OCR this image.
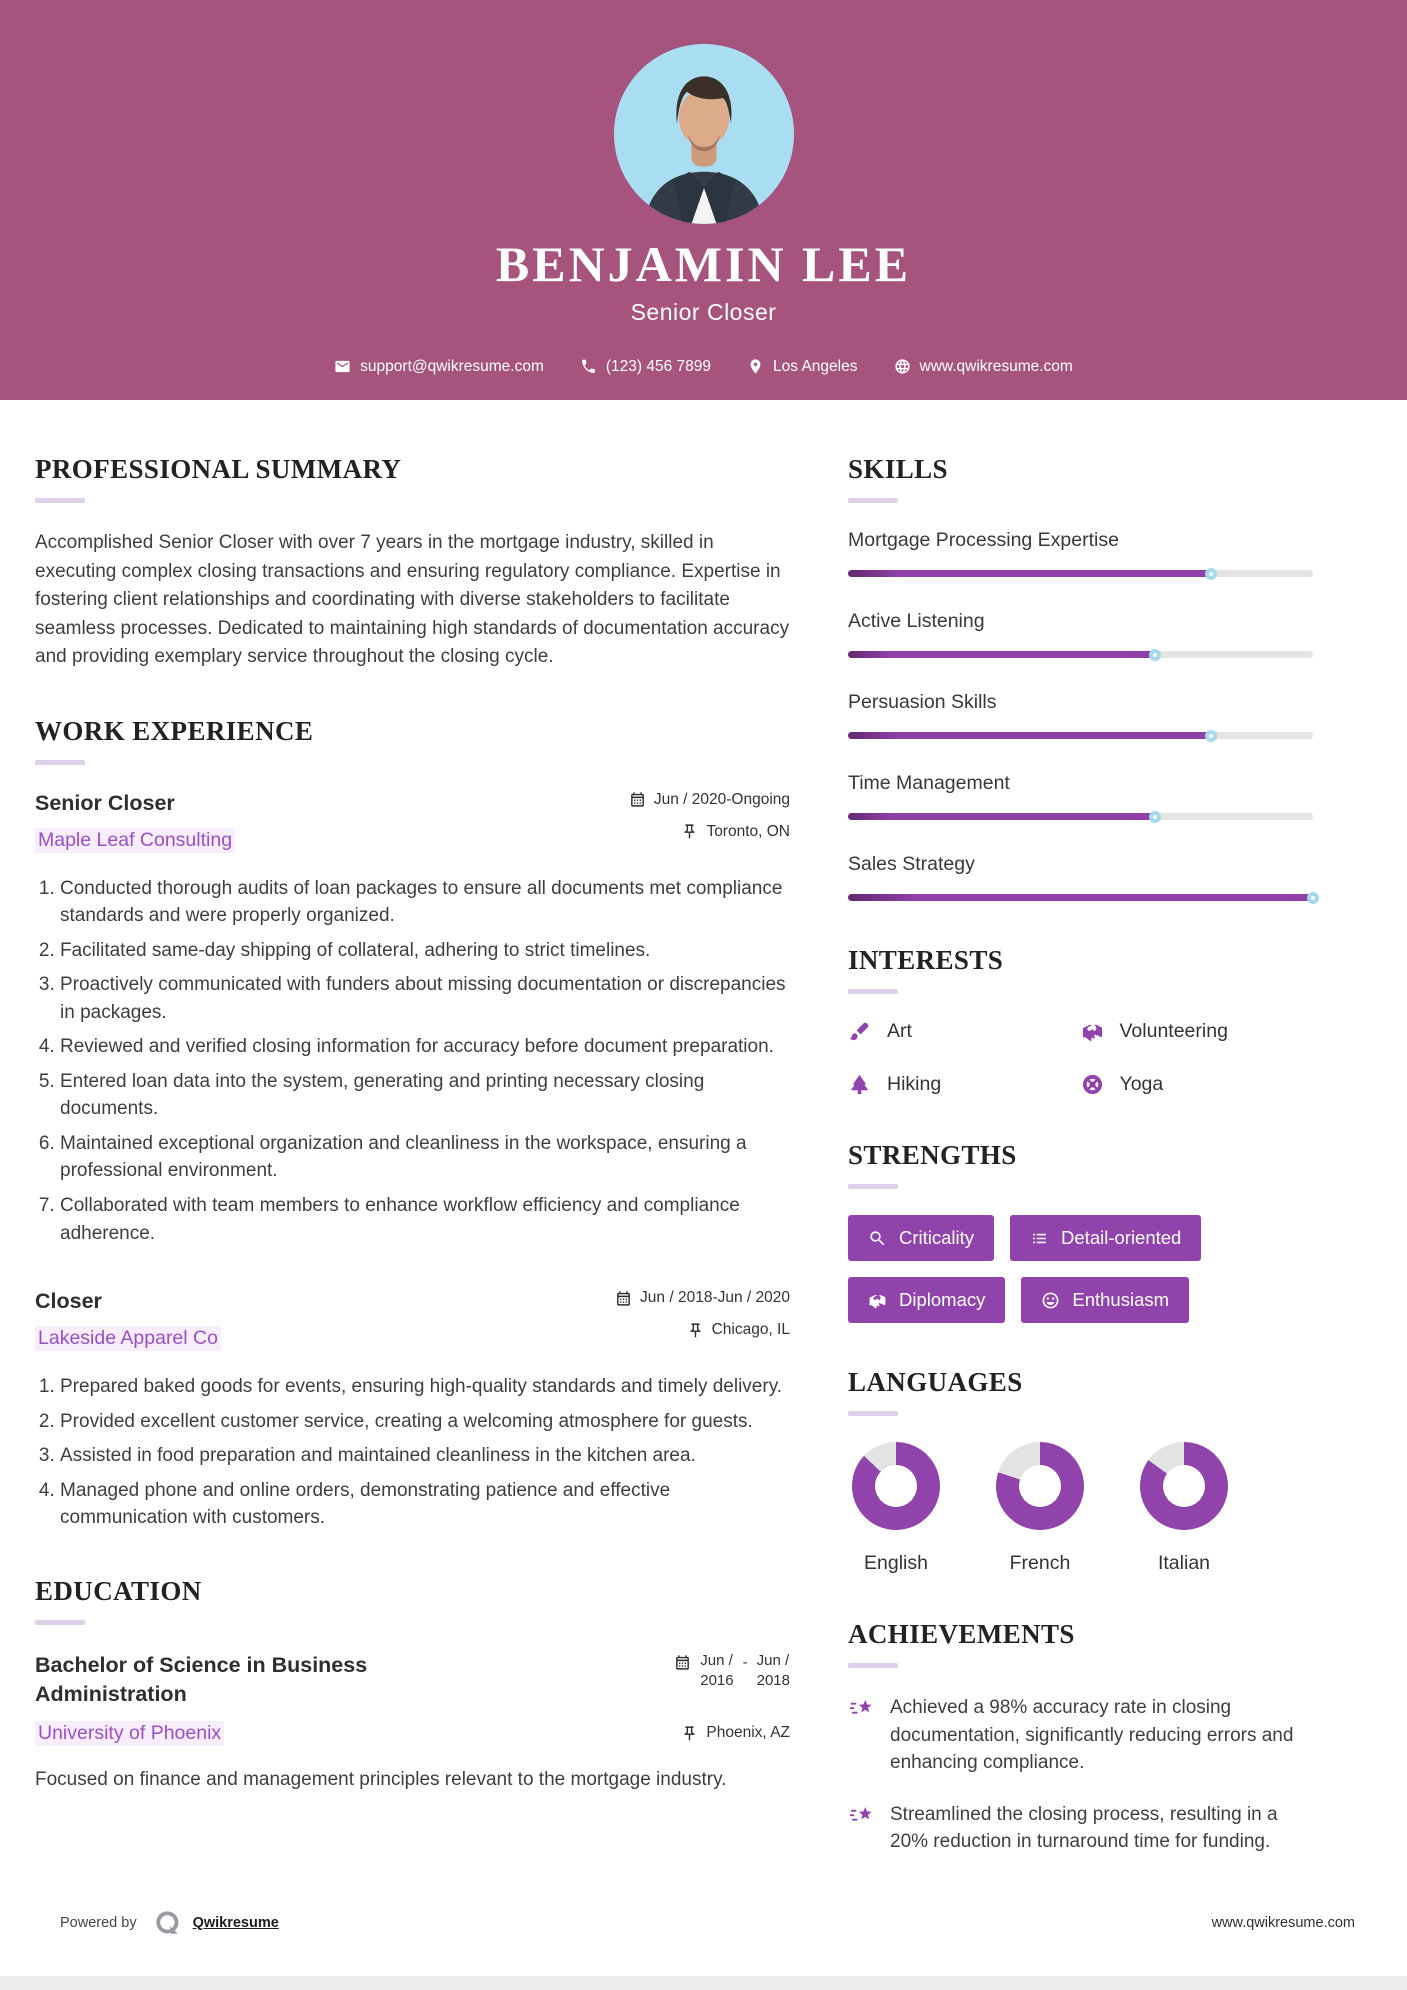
BENJAMIN LEE
Senior Closer
support@qwikresume.com	(123) 456 7899	Los Angeles	www.qwikresume.com
PROFESSIONAL SUMMARY

Accomplished Senior Closer with over 7 years in the mortgage industry, skilled in executing complex closing transactions and ensuring regulatory compliance. Expertise in fostering client relationships and coordinating with diverse stakeholders to facilitate seamless processes. Dedicated to maintaining high standards of documentation accuracy and providing exemplary service throughout the closing cycle.

WORK EXPERIENCE
Senior Closer
Maple Leaf Consulting
Jun / 2020-Ongoing
Toronto, ON
1. Conducted thorough audits of loan packages to ensure all documents met compliance standards and were properly organized.
2. Facilitated same-day shipping of collateral, adhering to strict timelines.
3. Proactively communicated with funders about missing documentation or discrepancies in packages.
4. Reviewed and verified closing information for accuracy before document preparation.
5. Entered loan data into the system, generating and printing necessary closing documents.
6. Maintained exceptional organization and cleanliness in the workspace, ensuring a professional environment.
7. Collaborated with team members to enhance workflow efficiency and compliance adherence.
Closer
Lakeside Apparel Co
Jun / 2018-Jun / 2020
Chicago, IL
1. Prepared baked goods for events, ensuring high-quality standards and timely delivery.
2. Provided excellent customer service, creating a welcoming atmosphere for guests.
3. Assisted in food preparation and maintained cleanliness in the kitchen area.
4. Managed phone and online orders, demonstrating patience and effective communication with customers.
EDUCATION
Bachelor of Science in Business Administration
Jun /
2016
- Jun /
2018
University of Phoenix	Phoenix, AZ

Focused on finance and management principles relevant to the mortgage industry.

SKILLS
Mortgage Processing Expertise
Active Listening
Persuasion Skills
Time Management
Sales Strategy
INTERESTS
Art	Volunteering
Hiking	Yoga
STRENGTHS
Criticality	Detail-oriented
Diplomacy	Enthusiasm
LANGUAGES
English	French	Italian
ACHIEVEMENTS
Achieved a 98% accuracy rate in closing documentation, significantly reducing errors and enhancing compliance.
Streamlined the closing process, resulting in a 20% reduction in turnaround time for funding.
Powered by	Qwikresume	www.qwikresume.com
